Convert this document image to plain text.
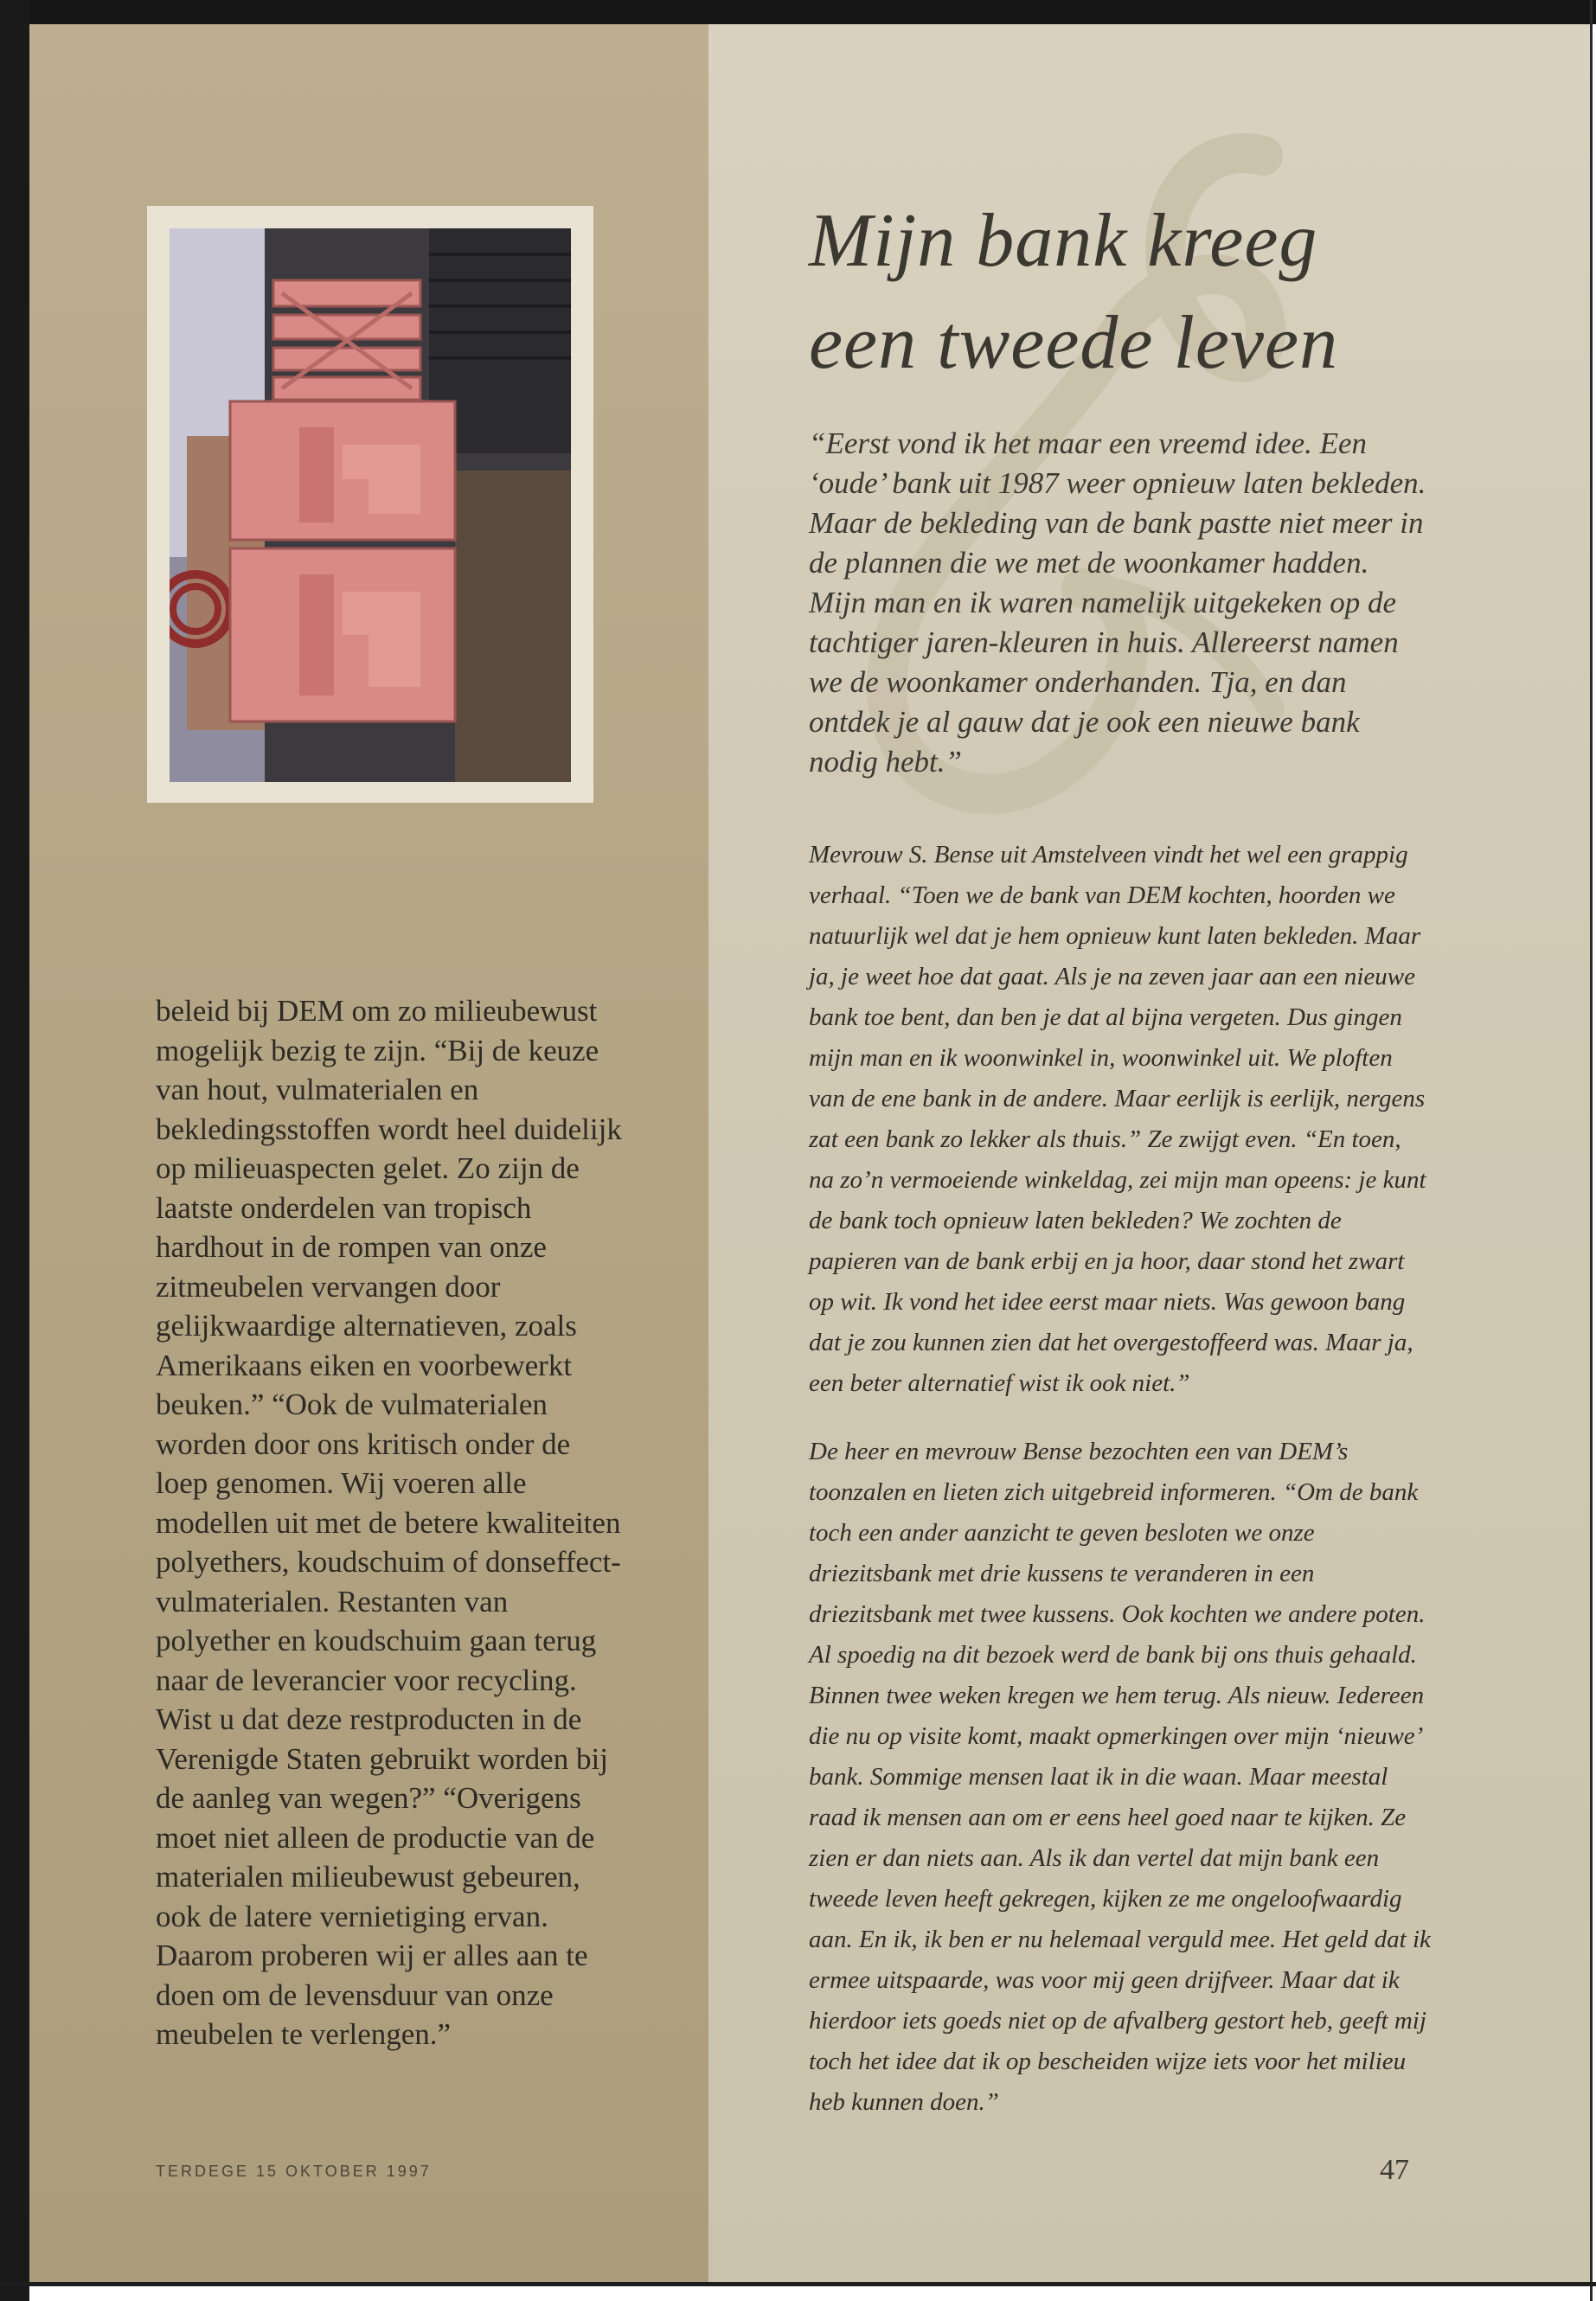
beleid bij DEM om zo milieubewust mogelijk bezig te zijn. “Bij de keuze van hout, vulmaterialen en bekledingsstoffen wordt heel duidelijk op milieuaspecten gelet. Zo zijn de laatste onderdelen van tropisch hardhout in de rompen van onze zitmeubelen vervangen door gelijkwaardige alternatieven, zoals Amerikaans eiken en voorbewerkt beuken.” “Ook de vulmaterialen worden door ons kritisch onder de loep genomen. Wij voeren alle modellen uit met de betere kwaliteiten polyethers, koudschuim of donseffect-vulmaterialen. Restanten van polyether en koudschuim gaan terug naar de leverancier voor recycling. Wist u dat deze restproducten in de Verenigde Staten gebruikt worden bij de aanleg van wegen?” “Overigens moet niet alleen de productie van de materialen milieubewust gebeuren, ook de latere vernietiging ervan. Daarom proberen wij er alles aan te doen om de levensduur van onze meubelen te verlengen.”

Mijn bank kreeg
een tweede leven

“Eerst vond ik het maar een vreemd idee. Een ‘oude’ bank uit 1987 weer opnieuw laten bekleden. Maar de bekleding van de bank pastte niet meer in de plannen die we met de woonkamer hadden. Mijn man en ik waren namelijk uitgekeken op de tachtiger jaren-kleuren in huis. Allereerst namen we de woonkamer onderhanden. Tja, en dan ontdek je al gauw dat je ook een nieuwe bank nodig hebt.”

Mevrouw S. Bense uit Amstelveen vindt het wel een grappig verhaal. “Toen we de bank van DEM kochten, hoorden we natuurlijk wel dat je hem opnieuw kunt laten bekleden. Maar ja, je weet hoe dat gaat. Als je na zeven jaar aan een nieuwe bank toe bent, dan ben je dat al bijna vergeten. Dus gingen mijn man en ik woonwinkel in, woonwinkel uit. We ploften van de ene bank in de andere. Maar eerlijk is eerlijk, nergens zat een bank zo lekker als thuis.” Ze zwijgt even. “En toen, na zo’n vermoeiende winkeldag, zei mijn man opeens: je kunt de bank toch opnieuw laten bekleden? We zochten de papieren van de bank erbij en ja hoor, daar stond het zwart op wit. Ik vond het idee eerst maar niets. Was gewoon bang dat je zou kunnen zien dat het overgestoffeerd was. Maar ja, een beter alternatief wist ik ook niet.”

De heer en mevrouw Bense bezochten een van DEM’s toonzalen en lieten zich uitgebreid informeren. “Om de bank toch een ander aanzicht te geven besloten we onze driezitsbank met drie kussens te veranderen in een driezitsbank met twee kussens. Ook kochten we andere poten. Al spoedig na dit bezoek werd de bank bij ons thuis gehaald. Binnen twee weken kregen we hem terug. Als nieuw. Iedereen die nu op visite komt, maakt opmerkingen over mijn ‘nieuwe’ bank. Sommige mensen laat ik in die waan. Maar meestal raad ik mensen aan om er eens heel goed naar te kijken. Ze zien er dan niets aan. Als ik dan vertel dat mijn bank een tweede leven heeft gekregen, kijken ze me ongeloofwaardig aan. En ik, ik ben er nu helemaal verguld mee. Het geld dat ik ermee uitspaarde, was voor mij geen drijfveer. Maar dat ik hierdoor iets goeds niet op de afvalberg gestort heb, geeft mij toch het idee dat ik op bescheiden wijze iets voor het milieu heb kunnen doen.”

TERDEGE 15 OKTOBER 1997	47
